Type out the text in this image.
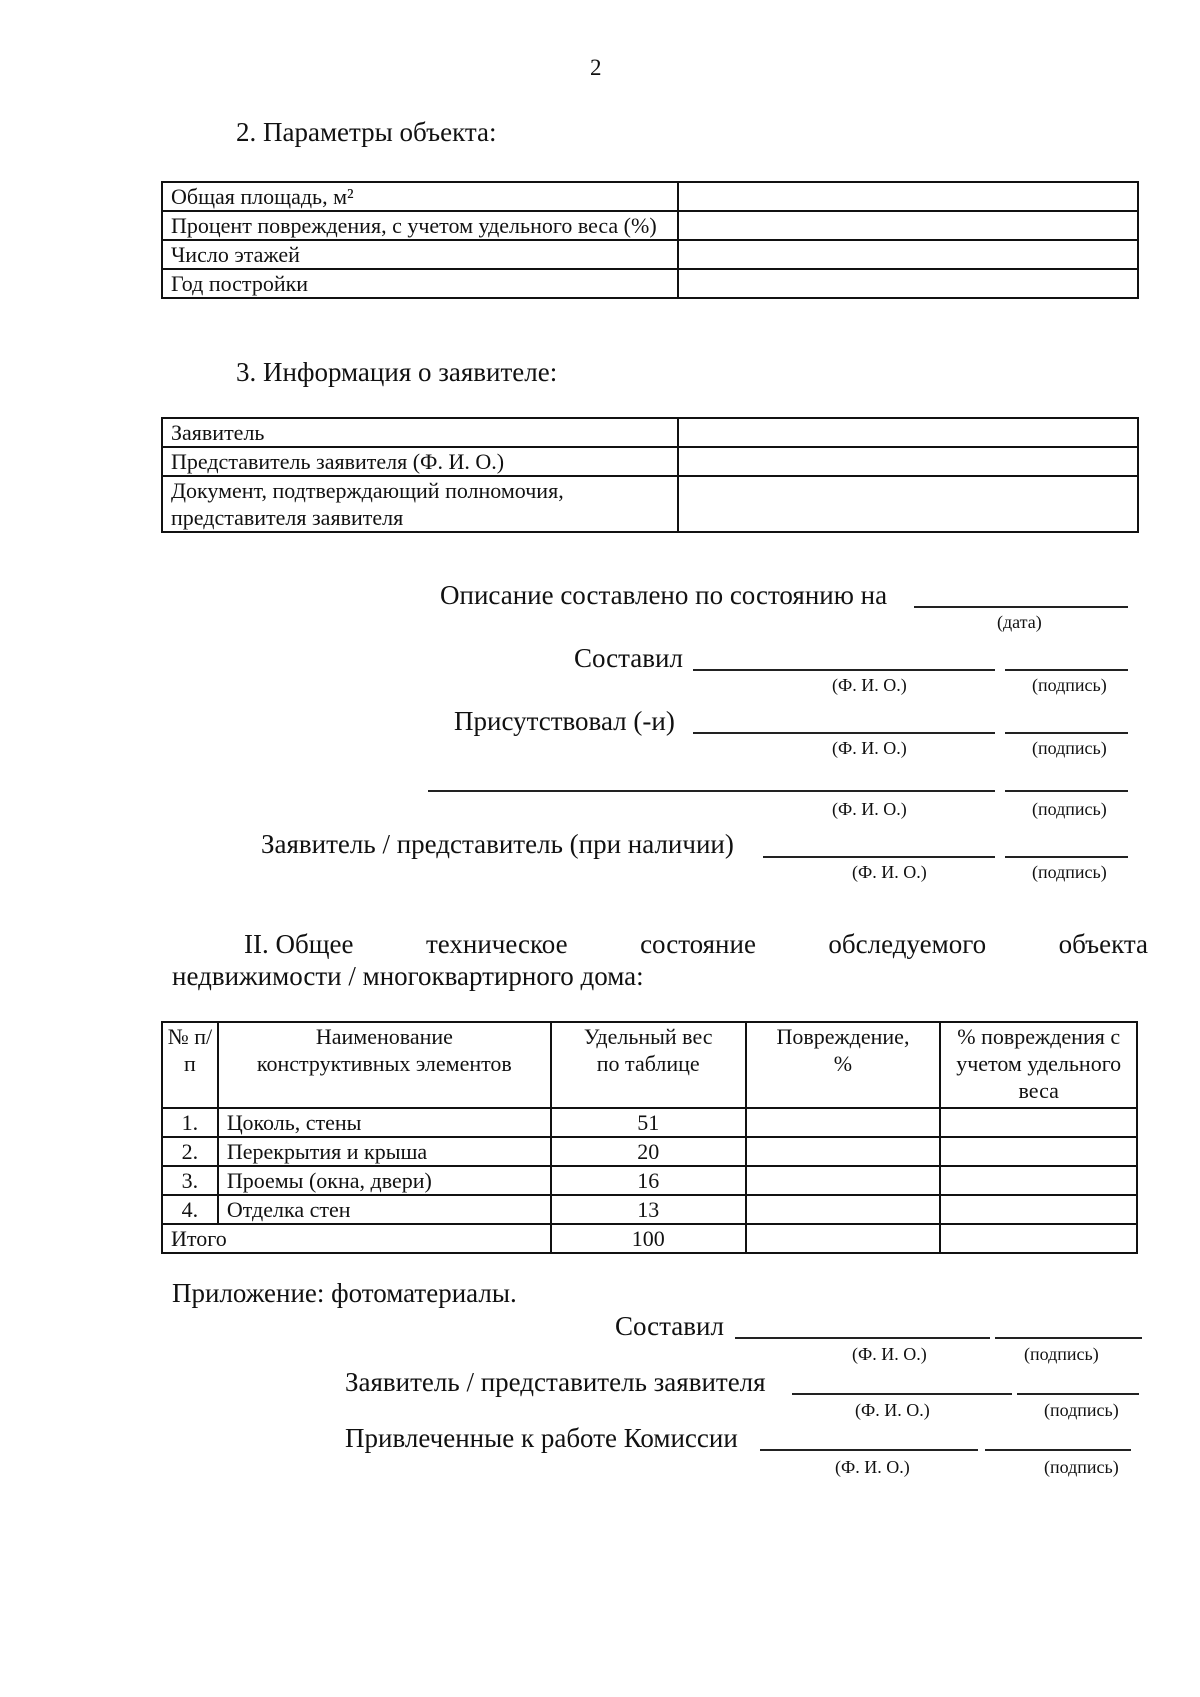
2
2. Параметры объекта:
Общая площадь, м²	
Процент повреждения, с учетом удельного веса (%)	
Число этажей	
Год постройки	
3. Информация о заявителе:
Заявитель	
Представитель заявителя (Ф. И. О.)	
Документ, подтверждающий полномочия, представителя заявителя	
Описание составлено по состоянию на
(дата)
Составил
(Ф. И. О.)	(подпись)
Присутствовал (-и)
(Ф. И. О.)	(подпись)
(Ф. И. О.)	(подпись)
Заявитель / представитель (при наличии)
(Ф. И. О.)	(подпись)
II. Общее	техническое	состояние	обследуемого	объекта
недвижимости / многоквартирного дома:
№ п/п	Наименование конструктивных элементов	Удельный вес по таблице	Повреждение, %	% повреждения с учетом удельного веса
1.	Цоколь, стены	51		
2.	Перекрытия и крыша	20		
3.	Проемы (окна, двери)	16		
4.	Отделка стен	13		
Итого		100		
Приложение: фотоматериалы.
Составил
(Ф. И. О.)	(подпись)
Заявитель / представитель заявителя
(Ф. И. О.)	(подпись)
Привлеченные к работе Комиссии
(Ф. И. О.)	(подпись)
